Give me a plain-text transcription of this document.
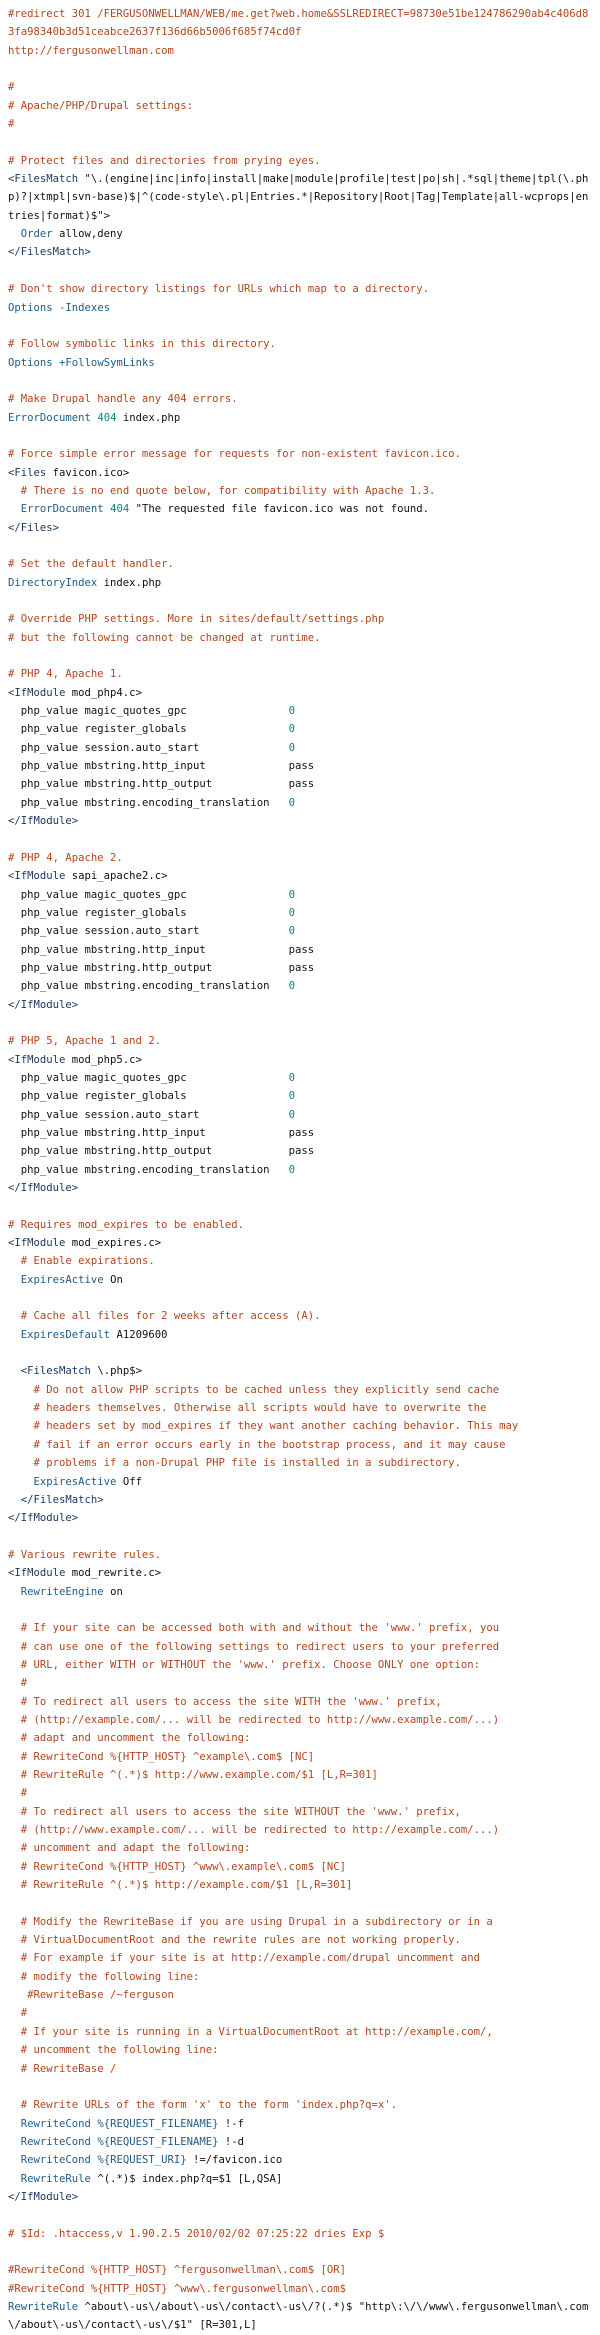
#redirect 301 /FERGUSONWELLMAN/WEB/me.get?web.home&SSLREDIRECT=98730e51be124786290ab4c406d83fa98340b3d51ceabce2637f136d66b5006f685f74cd0f
http://fergusonwellman.com
#
# Apache/PHP/Drupal settings:
#
# Protect files and directories from prying eyes.
<FilesMatch "\.(engine|inc|info|install|make|module|profile|test|po|sh|.*sql|theme|tpl(\.php)?|xtmpl|svn-base)$|^(code-style\.pl|Entries.*|Repository|Root|Tag|Template|all-wcprops|entries|format)$">
Order allow,deny
</FilesMatch>
# Don't show directory listings for URLs which map to a directory.
Options -Indexes
# Follow symbolic links in this directory.
Options +FollowSymLinks
# Make Drupal handle any 404 errors.
ErrorDocument 404 index.php
# Force simple error message for requests for non-existent favicon.ico.
<Files favicon.ico>
# There is no end quote below, for compatibility with Apache 1.3.
ErrorDocument 404 "The requested file favicon.ico was not found.
</Files>
# Set the default handler.
DirectoryIndex index.php
# Override PHP settings. More in sites/default/settings.php
# but the following cannot be changed at runtime.
# PHP 4, Apache 1.
<IfModule mod_php4.c>
php_value magic_quotes_gpc                0
php_value register_globals                0
php_value session.auto_start              0
php_value mbstring.http_input             pass
php_value mbstring.http_output            pass
php_value mbstring.encoding_translation   0
</IfModule>
# PHP 4, Apache 2.
<IfModule sapi_apache2.c>
php_value magic_quotes_gpc                0
php_value register_globals                0
php_value session.auto_start              0
php_value mbstring.http_input             pass
php_value mbstring.http_output            pass
php_value mbstring.encoding_translation   0
</IfModule>
# PHP 5, Apache 1 and 2.
<IfModule mod_php5.c>
php_value magic_quotes_gpc                0
php_value register_globals                0
php_value session.auto_start              0
php_value mbstring.http_input             pass
php_value mbstring.http_output            pass
php_value mbstring.encoding_translation   0
</IfModule>
# Requires mod_expires to be enabled.
<IfModule mod_expires.c>
# Enable expirations.
ExpiresActive On
# Cache all files for 2 weeks after access (A).
ExpiresDefault A1209600
<FilesMatch \.php$>
# Do not allow PHP scripts to be cached unless they explicitly send cache
# headers themselves. Otherwise all scripts would have to overwrite the
# headers set by mod_expires if they want another caching behavior. This may
# fail if an error occurs early in the bootstrap process, and it may cause
# problems if a non-Drupal PHP file is installed in a subdirectory.
ExpiresActive Off
</FilesMatch>
</IfModule>
# Various rewrite rules.
<IfModule mod_rewrite.c>
RewriteEngine on
# If your site can be accessed both with and without the 'www.' prefix, you
# can use one of the following settings to redirect users to your preferred
# URL, either WITH or WITHOUT the 'www.' prefix. Choose ONLY one option:
#
# To redirect all users to access the site WITH the 'www.' prefix,
# (http://example.com/... will be redirected to http://www.example.com/...)
# adapt and uncomment the following:
# RewriteCond %{HTTP_HOST} ^example\.com$ [NC]
# RewriteRule ^(.*)$ http://www.example.com/$1 [L,R=301]
#
# To redirect all users to access the site WITHOUT the 'www.' prefix,
# (http://www.example.com/... will be redirected to http://example.com/...)
# uncomment and adapt the following:
# RewriteCond %{HTTP_HOST} ^www\.example\.com$ [NC]
# RewriteRule ^(.*)$ http://example.com/$1 [L,R=301]
# Modify the RewriteBase if you are using Drupal in a subdirectory or in a
# VirtualDocumentRoot and the rewrite rules are not working properly.
# For example if your site is at http://example.com/drupal uncomment and
# modify the following line:
#RewriteBase /~ferguson
#
# If your site is running in a VirtualDocumentRoot at http://example.com/,
# uncomment the following line:
# RewriteBase /
# Rewrite URLs of the form 'x' to the form 'index.php?q=x'.
RewriteCond %{REQUEST_FILENAME} !-f
RewriteCond %{REQUEST_FILENAME} !-d
RewriteCond %{REQUEST_URI} !=/favicon.ico
RewriteRule ^(.*)$ index.php?q=$1 [L,QSA]
</IfModule>
# $Id: .htaccess,v 1.90.2.5 2010/02/02 07:25:22 dries Exp $
#RewriteCond %{HTTP_HOST} ^fergusonwellman\.com$ [OR]
#RewriteCond %{HTTP_HOST} ^www\.fergusonwellman\.com$
RewriteRule ^about\-us\/about\-us\/contact\-us\/?(.*)$ "http\:\/\/www\.fergusonwellman\.com\/about\-us\/contact\-us\/$1" [R=301,L]
